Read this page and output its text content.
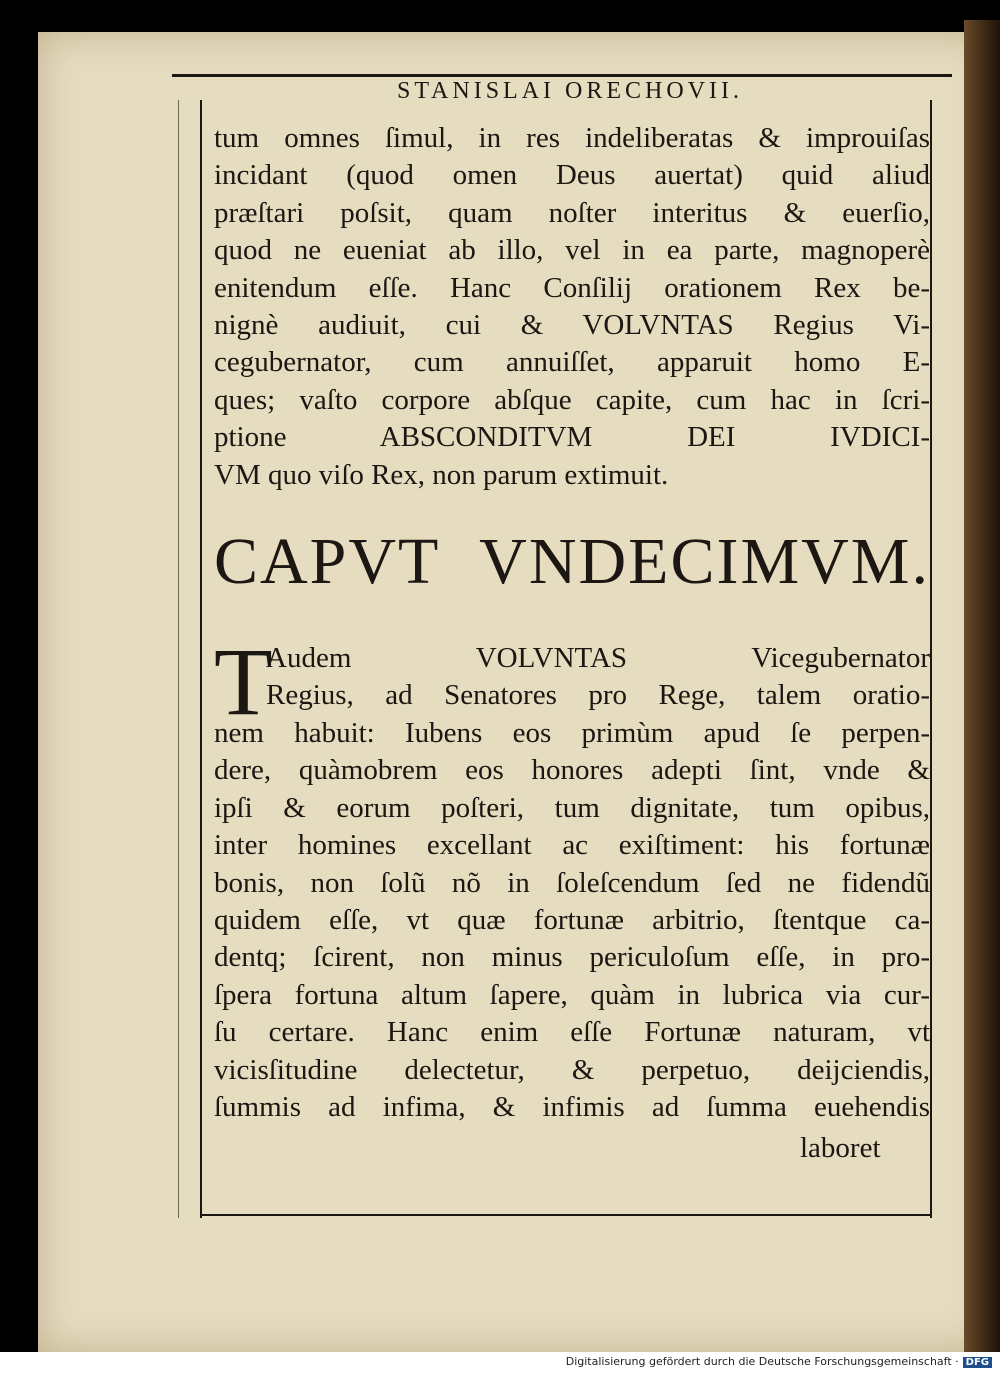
STANISLAI ORECHOVII.
tum omnes ſimul, in res indeliberatas & improuiſas
incidant (quod omen Deus auertat) quid aliud
præſtari poſsit, quam noſter interitus & euerſio,
quod ne eueniat ab illo, vel in ea parte, magnoperè
enitendum eſſe. Hanc Conſilij orationem Rex be-
nignè audiuit, cui & VOLVNTAS Regius Vi-
cegubernator, cum annuiſſet, apparuit homo E-
ques; vaſto corpore abſque capite, cum hac in ſcri-
ptione ABSCONDITVM DEI IVDICI-
VM quo viſo Rex, non parum extimuit.
CAPVT VNDECIMVM.
T
Audem VOLVNTAS Vicegubernator
Regius, ad Senatores pro Rege, talem oratio-
nem habuit: Iubens eos primùm apud ſe perpen-
dere, quàmobrem eos honores adepti ſint, vnde &
ipſi & eorum poſteri, tum dignitate, tum opibus,
inter homines excellant ac exiſtiment: his fortunæ
bonis, non ſolũ nõ in ſoleſcendum ſed ne fidendũ
quidem eſſe, vt quæ fortunæ arbitrio, ſtentque ca-
dentq; ſcirent, non minus periculoſum eſſe, in pro-
ſpera fortuna altum ſapere, quàm in lubrica via cur-
ſu certare. Hanc enim eſſe Fortunæ naturam, vt
vicisſitudine delectetur, & perpetuo, deijciendis,
ſummis ad infima, & infimis ad ſumma euehendis
laboret
Digitalisierung gefördert durch die Deutsche Forschungsgemeinschaft · DFG
